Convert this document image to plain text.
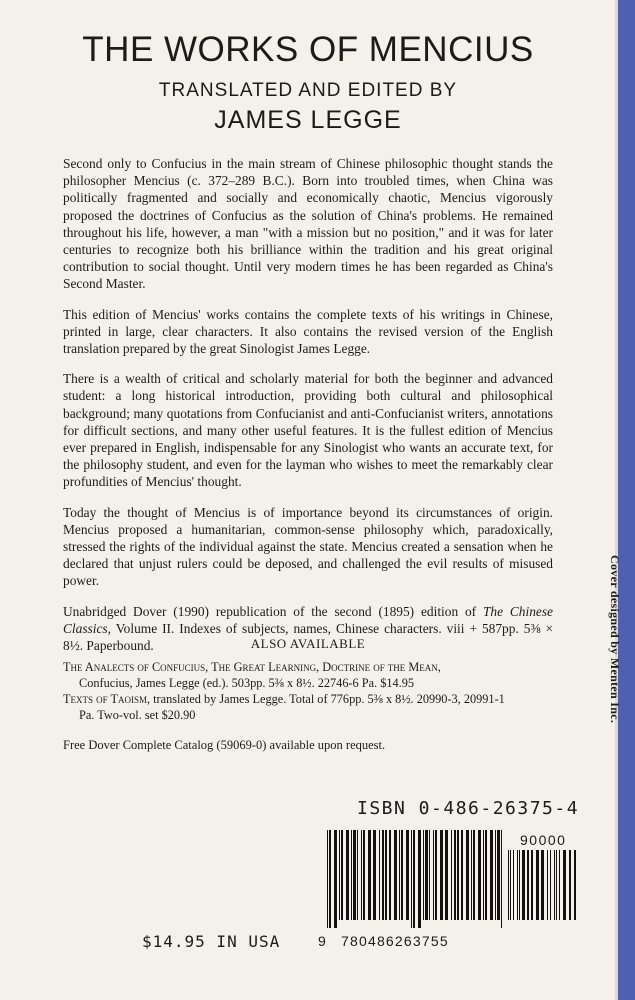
THE WORKS OF MENCIUS
TRANSLATED AND EDITED BY
JAMES LEGGE

Second only to Confucius in the main stream of Chinese philosophic thought stands the philosopher Mencius (c. 372–289 B.C.). Born into troubled times, when China was politically fragmented and socially and economically chaotic, Mencius vigorously proposed the doctrines of Confucius as the solution of China's problems. He remained throughout his life, however, a man "with a mission but no position," and it was for later centuries to recognize both his brilliance within the tradition and his great original contribution to social thought. Until very modern times he has been regarded as China's Second Master.

This edition of Mencius' works contains the complete texts of his writings in Chinese, printed in large, clear characters. It also contains the revised version of the English translation prepared by the great Sinologist James Legge.

There is a wealth of critical and scholarly material for both the beginner and advanced student: a long historical introduction, providing both cultural and philosophical background; many quotations from Confucianist and anti-Confucianist writers, annotations for difficult sections, and many other useful features. It is the fullest edition of Mencius ever prepared in English, indispensable for any Sinologist who wants an accurate text, for the philosophy student, and even for the layman who wishes to meet the remarkably clear profundities of Mencius' thought.

Today the thought of Mencius is of importance beyond its circumstances of origin. Mencius proposed a humanitarian, common-sense philosophy which, paradoxically, stressed the rights of the individual against the state. Mencius created a sensation when he declared that unjust rulers could be deposed, and challenged the evil results of misused power.

Unabridged Dover (1990) republication of the second (1895) edition of The Chinese Classics, Volume II. Indexes of subjects, names, Chinese characters. viii + 587pp. 5⅜ × 8½. Paperbound.	ALSO AVAILABLE
The Analects of Confucius, The Great Learning, Doctrine of the Mean,
Confucius, James Legge (ed.). 503pp. 5⅜ x 8½. 22746-6 Pa. $14.95
Texts of Taoism, translated by James Legge. Total of 776pp. 5⅜ x 8½. 20990-3, 20991-1
Pa. Two-vol. set $20.90
Free Dover Complete Catalog (59069-0) available upon request.
Cover designed by Menten Inc.
ISBN 0-486-26375-4
90000
9 780486263755
$14.95 IN USA
